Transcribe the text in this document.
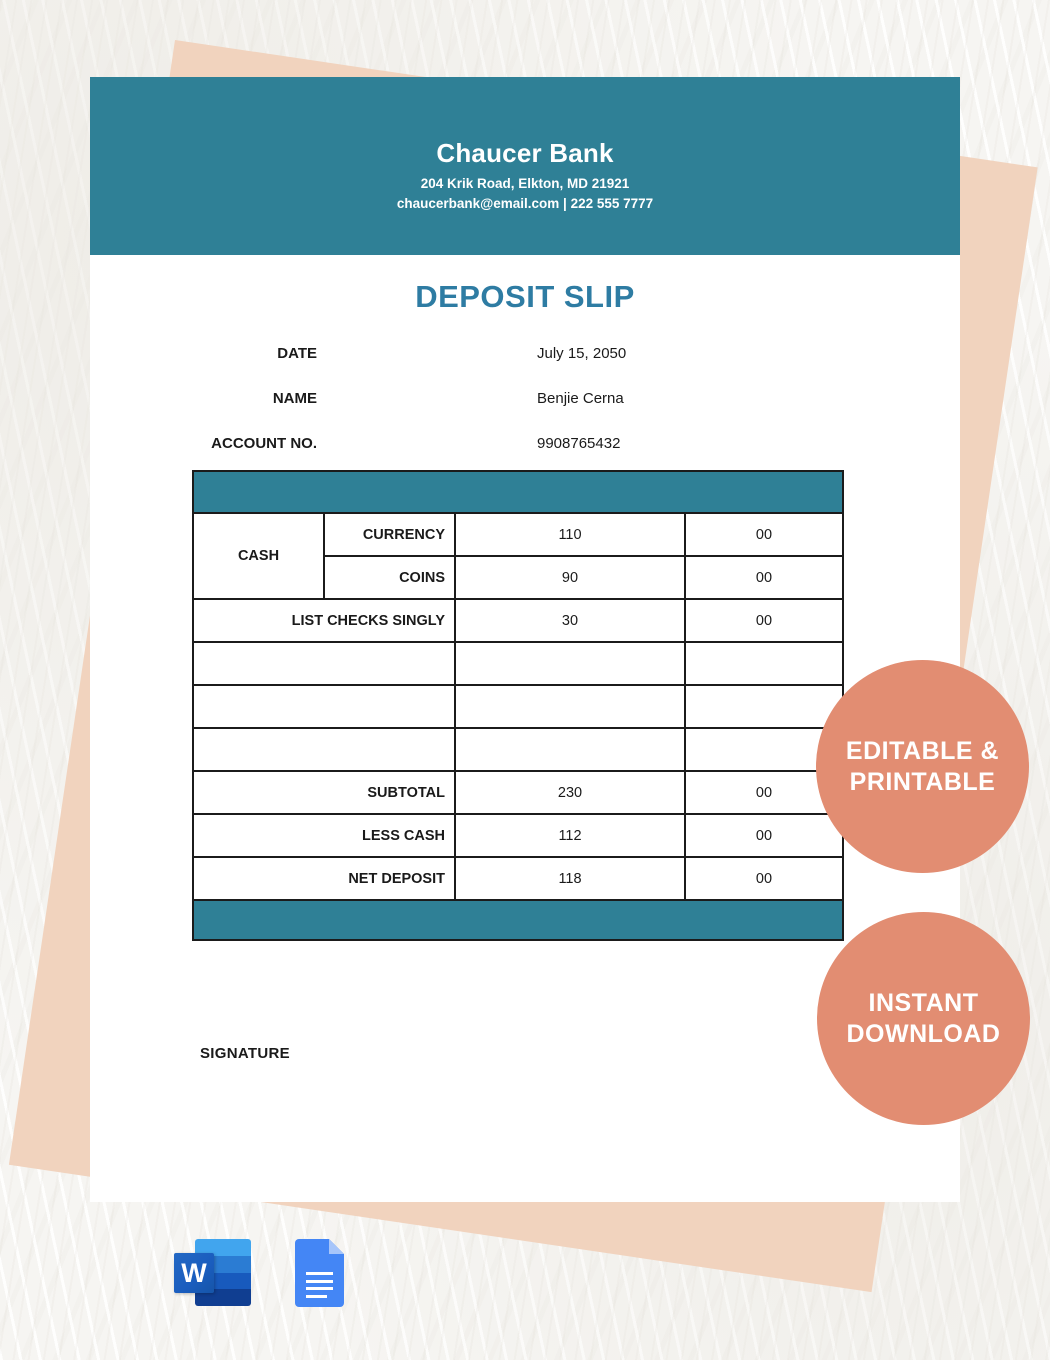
Chaucer Bank
204 Krik Road, Elkton, MD 21921
chaucerbank@email.com | 222 555 7777
DEPOSIT SLIP
DATE	July 15, 2050
NAME	Benjie Cerna
ACCOUNT NO.	9908765432

CASH	CURRENCY	110	00
	COINS	90	00
LIST CHECKS SINGLY		30	00

SUBTOTAL		230	00
LESS CASH		112	00
NET DEPOSIT		118	00

SIGNATURE
EDITABLE &
PRINTABLE
INSTANT
DOWNLOAD
W
